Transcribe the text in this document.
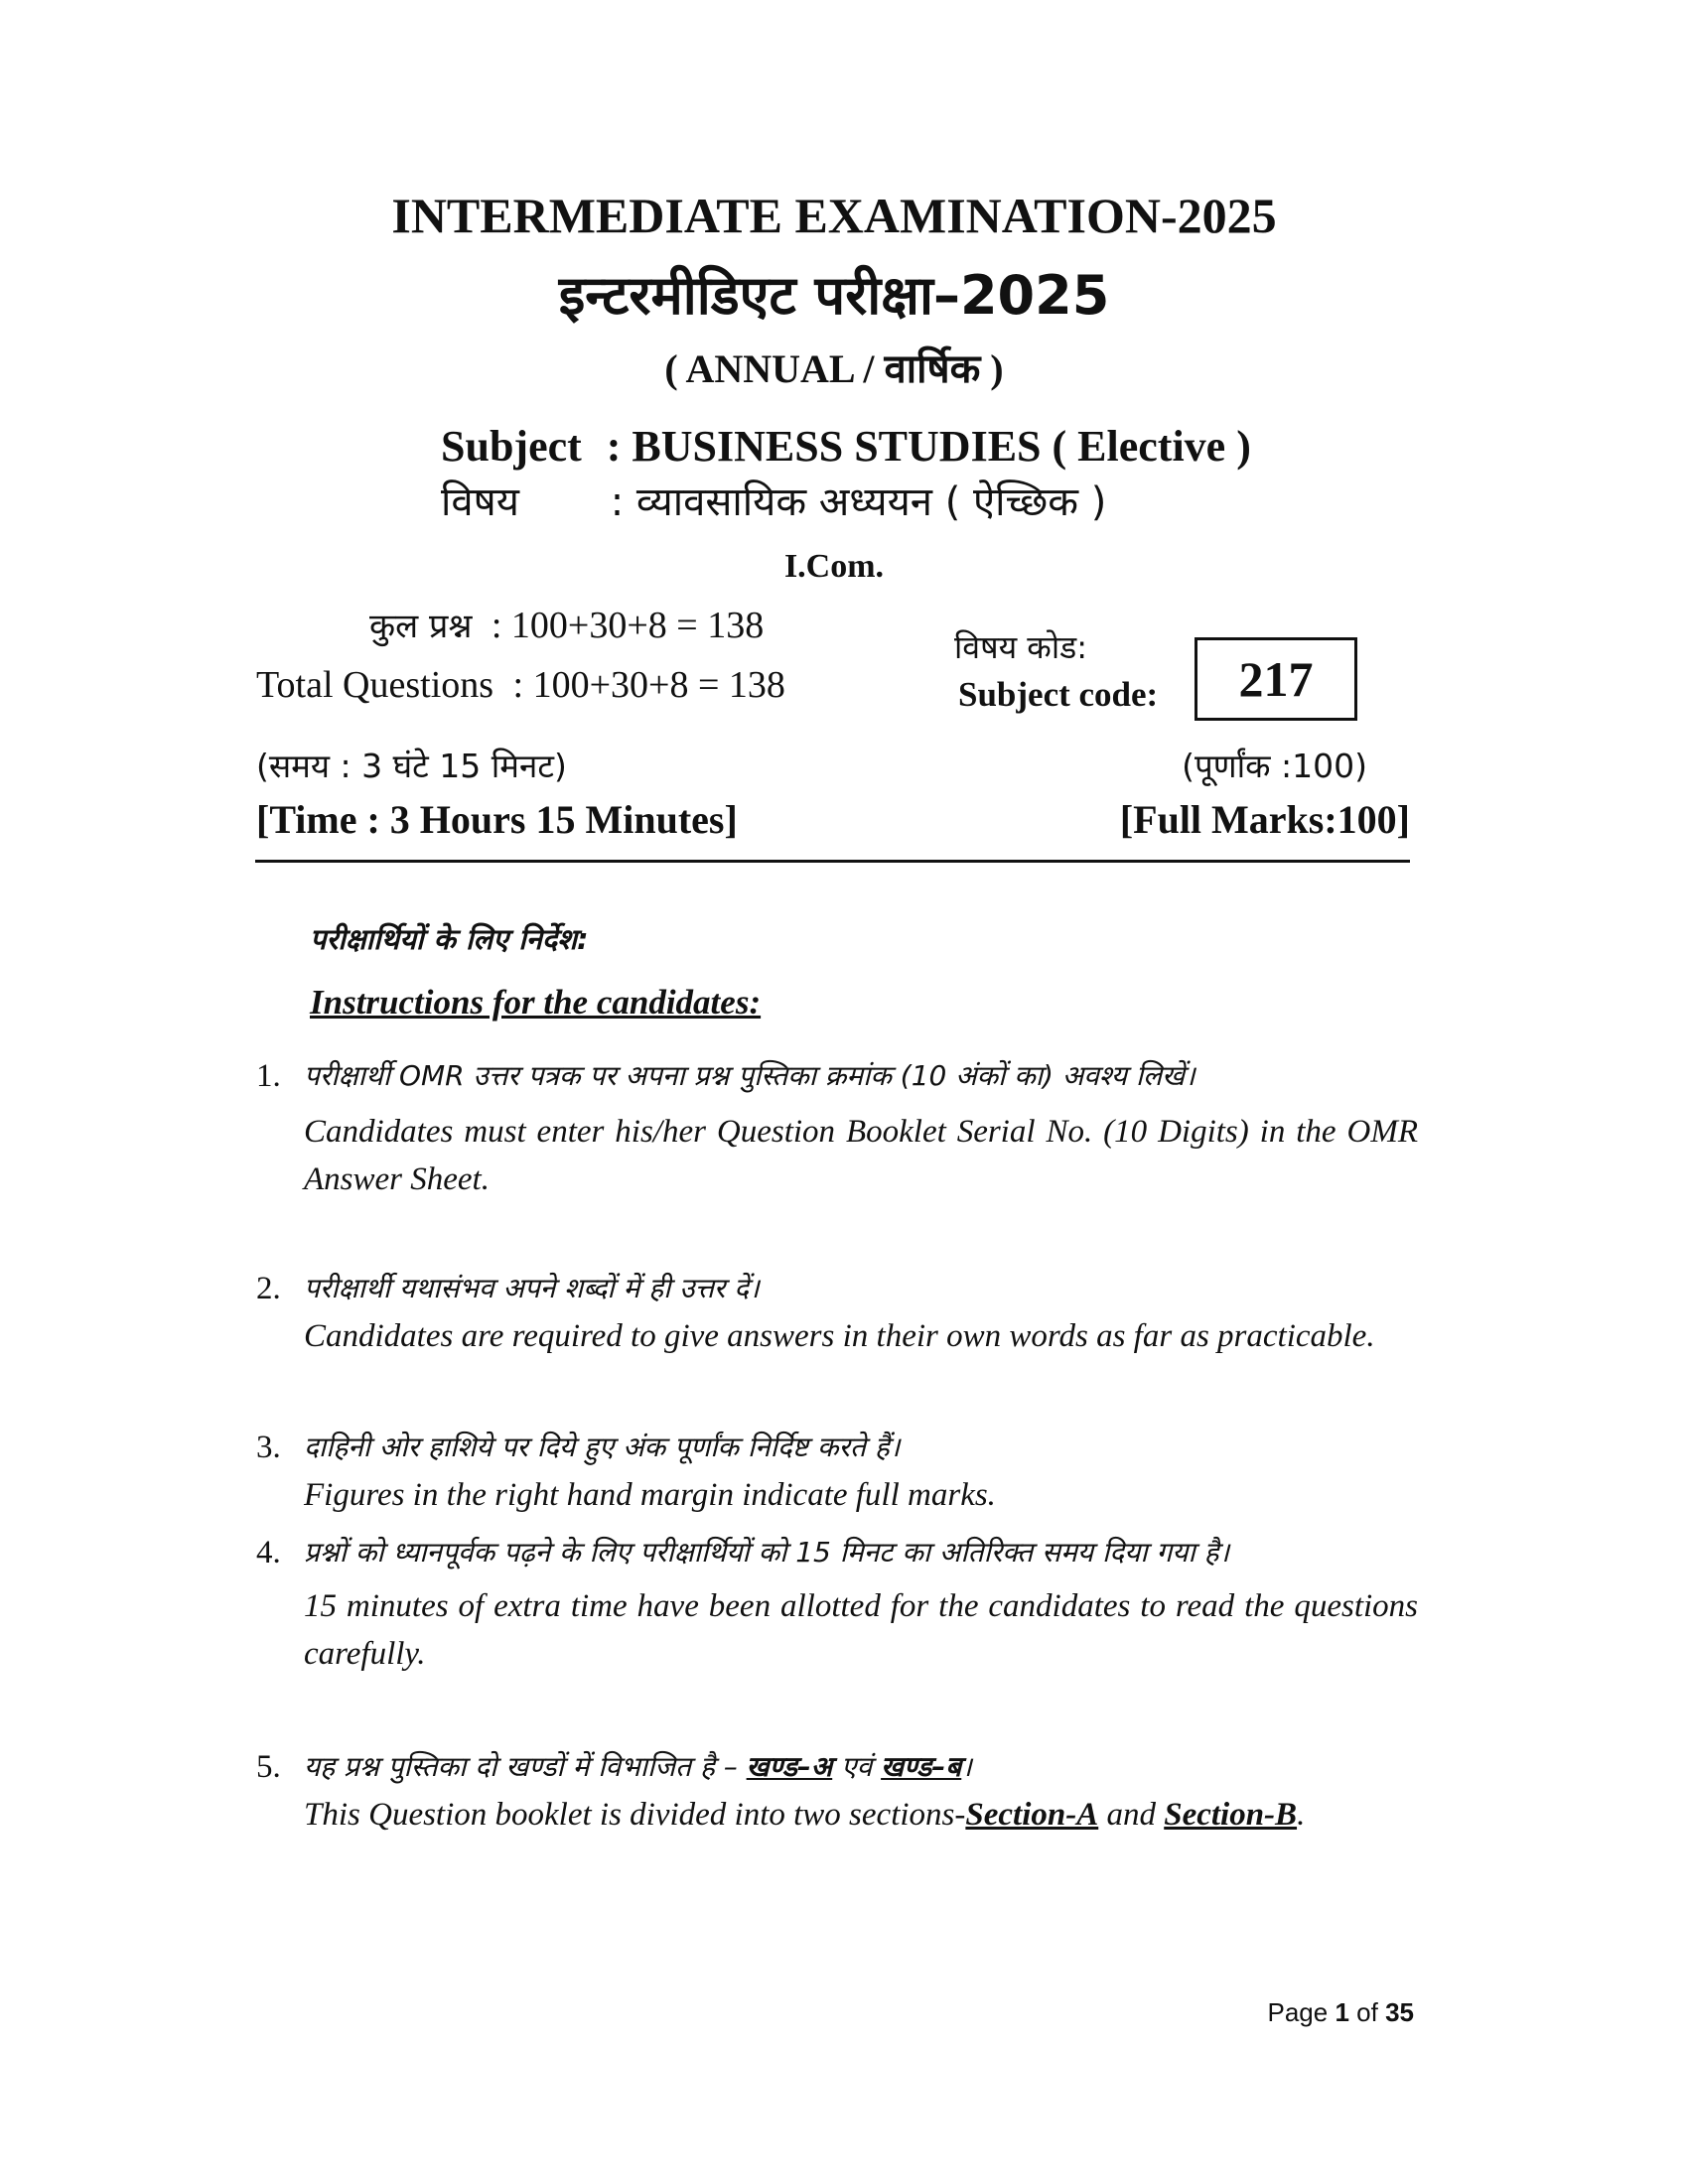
INTERMEDIATE EXAMINATION-2025
इन्टरमीडिएट परीक्षा–2025
( ANNUAL / वार्षिक )
Subject : BUSINESS STUDIES ( Elective )
विषय : व्यावसायिक अध्ययन ( ऐच्छिक )
I.Com.
कुल प्रश्न : 100+30+8 = 138
Total Questions : 100+30+8 = 138
विषय कोड:
Subject code:	217
(समय : 3 घंटे 15 मिनट)	(पूर्णांक :100)
[Time : 3 Hours 15 Minutes]	[Full Marks:100]
परीक्षार्थियों के लिए निर्देश:
Instructions for the candidates:
1. परीक्षार्थी OMR उत्तर पत्रक पर अपना प्रश्न पुस्तिका क्रमांक (10 अंकों का) अवश्य लिखें।
Candidates must enter his/her Question Booklet Serial No. (10 Digits) in the OMR Answer Sheet.
2. परीक्षार्थी यथासंभव अपने शब्दों में ही उत्तर दें।
Candidates are required to give answers in their own words as far as practicable.
3. दाहिनी ओर हाशिये पर दिये हुए अंक पूर्णांक निर्दिष्ट करते हैं।
Figures in the right hand margin indicate full marks.
4. प्रश्नों को ध्यानपूर्वक पढ़ने के लिए परीक्षार्थियों को 15 मिनट का अतिरिक्त समय दिया गया है।
15 minutes of extra time have been allotted for the candidates to read the questions carefully.
5. यह प्रश्न पुस्तिका दो खण्डों में विभाजित है – खण्ड–अ एवं खण्ड–ब।
This Question booklet is divided into two sections-Section-A and Section-B.
Page 1 of 35
